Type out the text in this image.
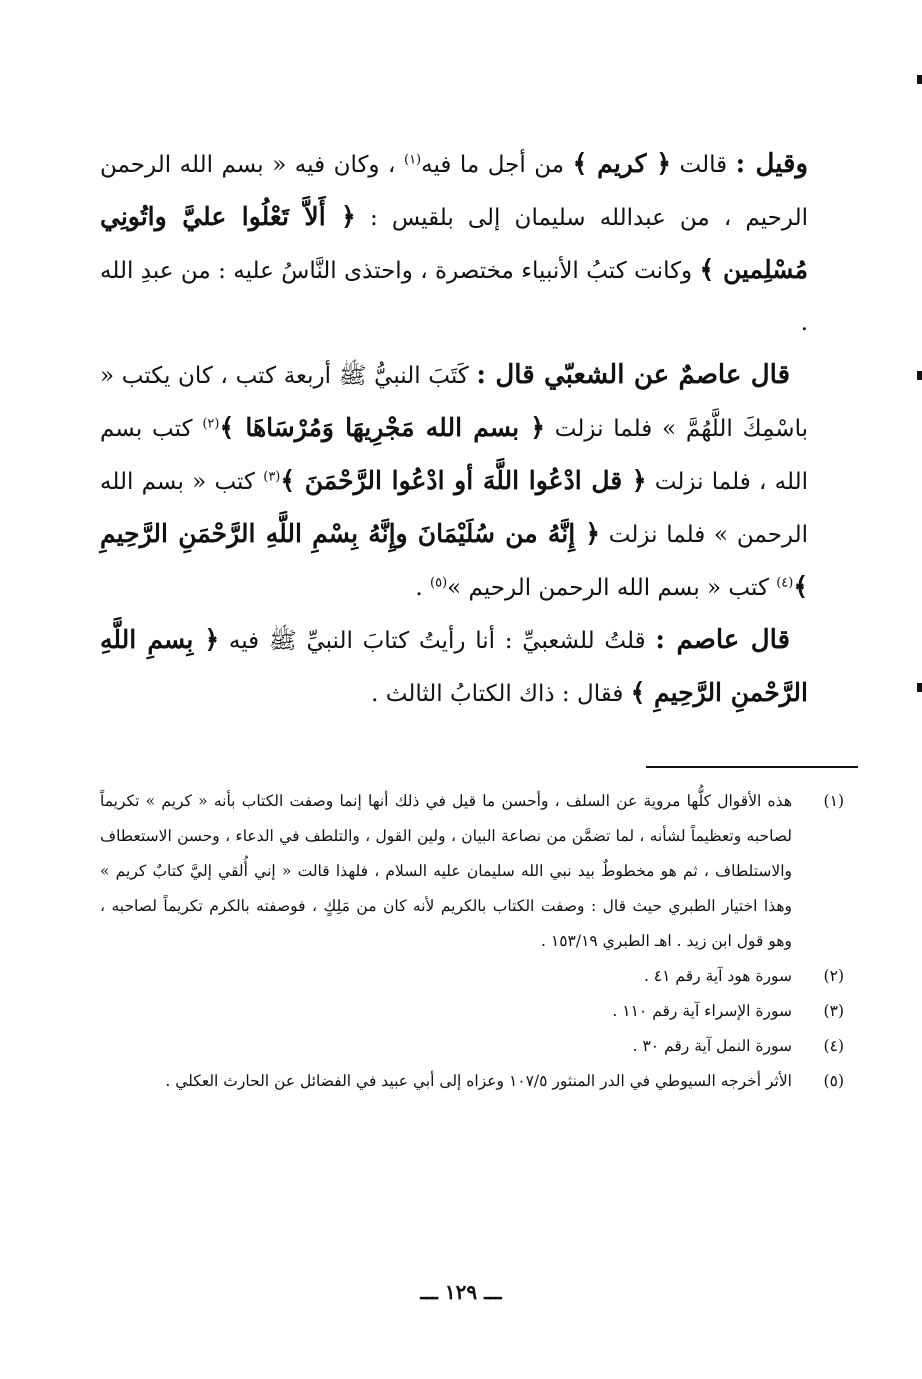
وقيل : قالت ﴿ كريم ﴾ من أجل ما فيه$^{(١)}$ ، وكان فيه « بسم الله الرحمن الرحيم ، من عبدالله سليمان إلى بلقيس : ﴿ أَلاَّ تَعْلُوا عليَّ واتُونِي مُسْلِمين ﴾ وكانت كتبُ الأنبياء مختصرة ، واحتذى النَّاسُ عليه : من عبدِ الله .

قال عاصمٌ عن الشعبّي قال : كَتَبَ النبيُّ ﷺ أربعة كتب ، كان يكتب « باسْمِكَ اللَّهُمَّ » فلما نزلت ﴿ بسم الله مَجْرِيهَا وَمُرْسَاهَا ﴾$^{(٢)}$ كتب بسم الله ، فلما نزلت ﴿ قل ادْعُوا اللَّهَ أو ادْعُوا الرَّحْمَنَ ﴾$^{(٣)}$ كتب « بسم الله الرحمن » فلما نزلت ﴿ إِنَّهُ من سُلَيْمَانَ وإِنَّهُ بِسْمِ اللَّهِ الرَّحْمَنِ الرَّحِيمِ ﴾$^{(٤)}$ كتب « بسم الله الرحمن الرحيم »$^{(٥)}$ .

قال عاصم : قلتُ للشعبيِّ : أنا رأيتُ كتابَ النبيِّ ﷺ فيه ﴿ بِسمِ اللَّهِ الرَّحْمنِ الرَّحِيمِ ﴾ فقال : ذاك الكتابُ الثالث .

(١)
هذه الأقوال كلُّها مروية عن السلف ، وأحسن ما قيل في ذلك أنها إنما وصفت الكتاب بأنه « كريم » تكريماً لصاحبه وتعظيماً لشأنه ، لما تضمَّن من نصاعة البيان ، ولين القول ، والتلطف في الدعاء ، وحسن الاستعطاف والاستلطاف ، ثم هو مخطوطٌ بيد نبي الله سليمان عليه السلام ، فلهذا قالت « إني أُلقي إليَّ كتابٌ كريم » وهذا اختيار الطبري حيث قال : وصفت الكتاب بالكريم لأنه كان من مَلِكٍ ، فوصفته بالكرم تكريماً لصاحبه ، وهو قول ابن زيد . اهـ الطبري ١٥٣/١٩ .
(٢)
سورة هود آية رقم ٤١ .
(٣)
سورة الإسراء آية رقم ١١٠ .
(٤)
سورة النمل آية رقم ٣٠ .
(٥)
الأثر أخرجه السيوطي في الدر المنثور ١٠٧/٥ وعزاه إلى أبي عبيد في الفضائل عن الحارث العكلي .
ـــ ١٢٩ ـــ
